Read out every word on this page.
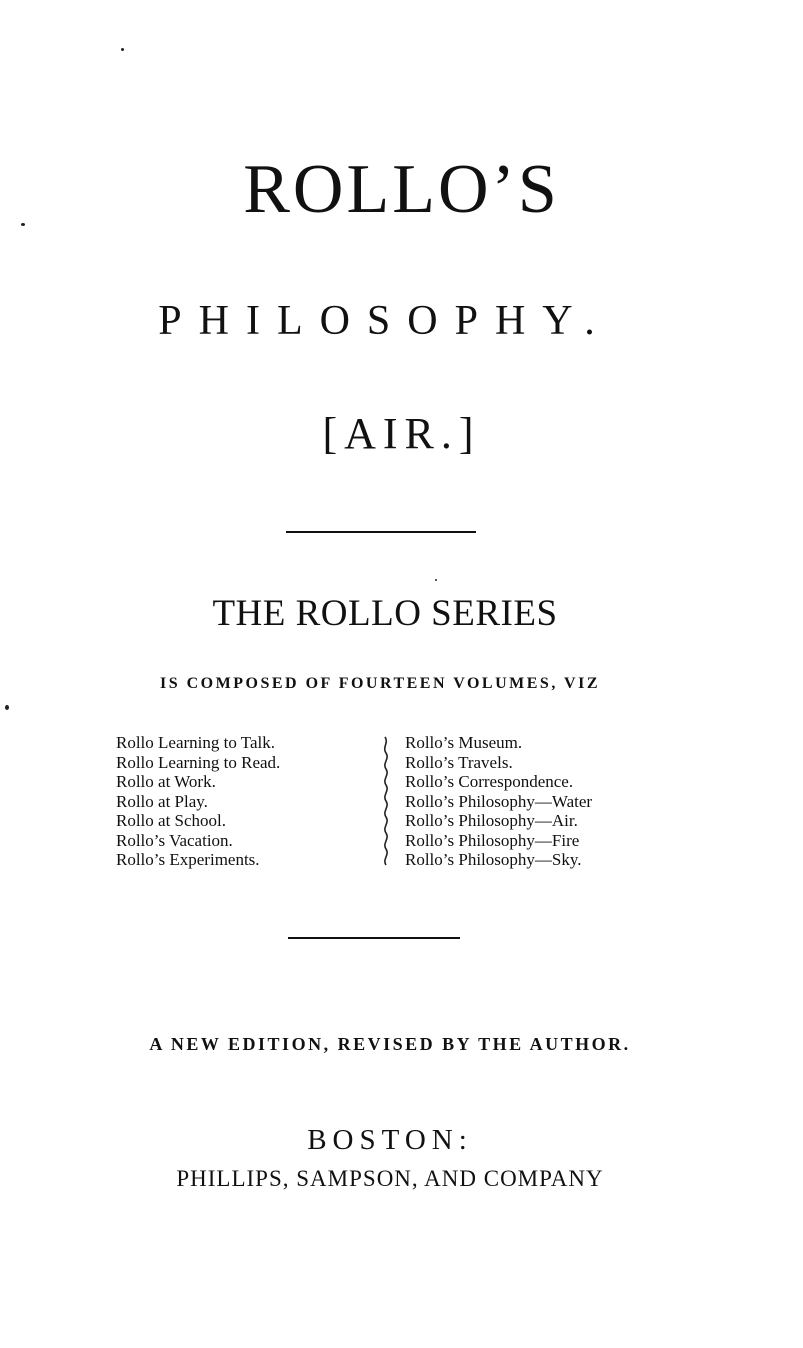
ROLLO’S
PHILOSOPHY.
[AIR.]
THE ROLLO SERIES
IS COMPOSED OF FOURTEEN VOLUMES, VIZ
Rollo Learning to Talk.
Rollo Learning to Read.
Rollo at Work.
Rollo at Play.
Rollo at School.
Rollo’s Vacation.
Rollo’s Experiments.
Rollo’s Museum.
Rollo’s Travels.
Rollo’s Correspondence.
Rollo’s Philosophy—Water
Rollo’s Philosophy—Air.
Rollo’s Philosophy—Fire
Rollo’s Philosophy—Sky.
A NEW EDITION, REVISED BY THE AUTHOR.
BOSTON:
PHILLIPS, SAMPSON, AND COMPANY
